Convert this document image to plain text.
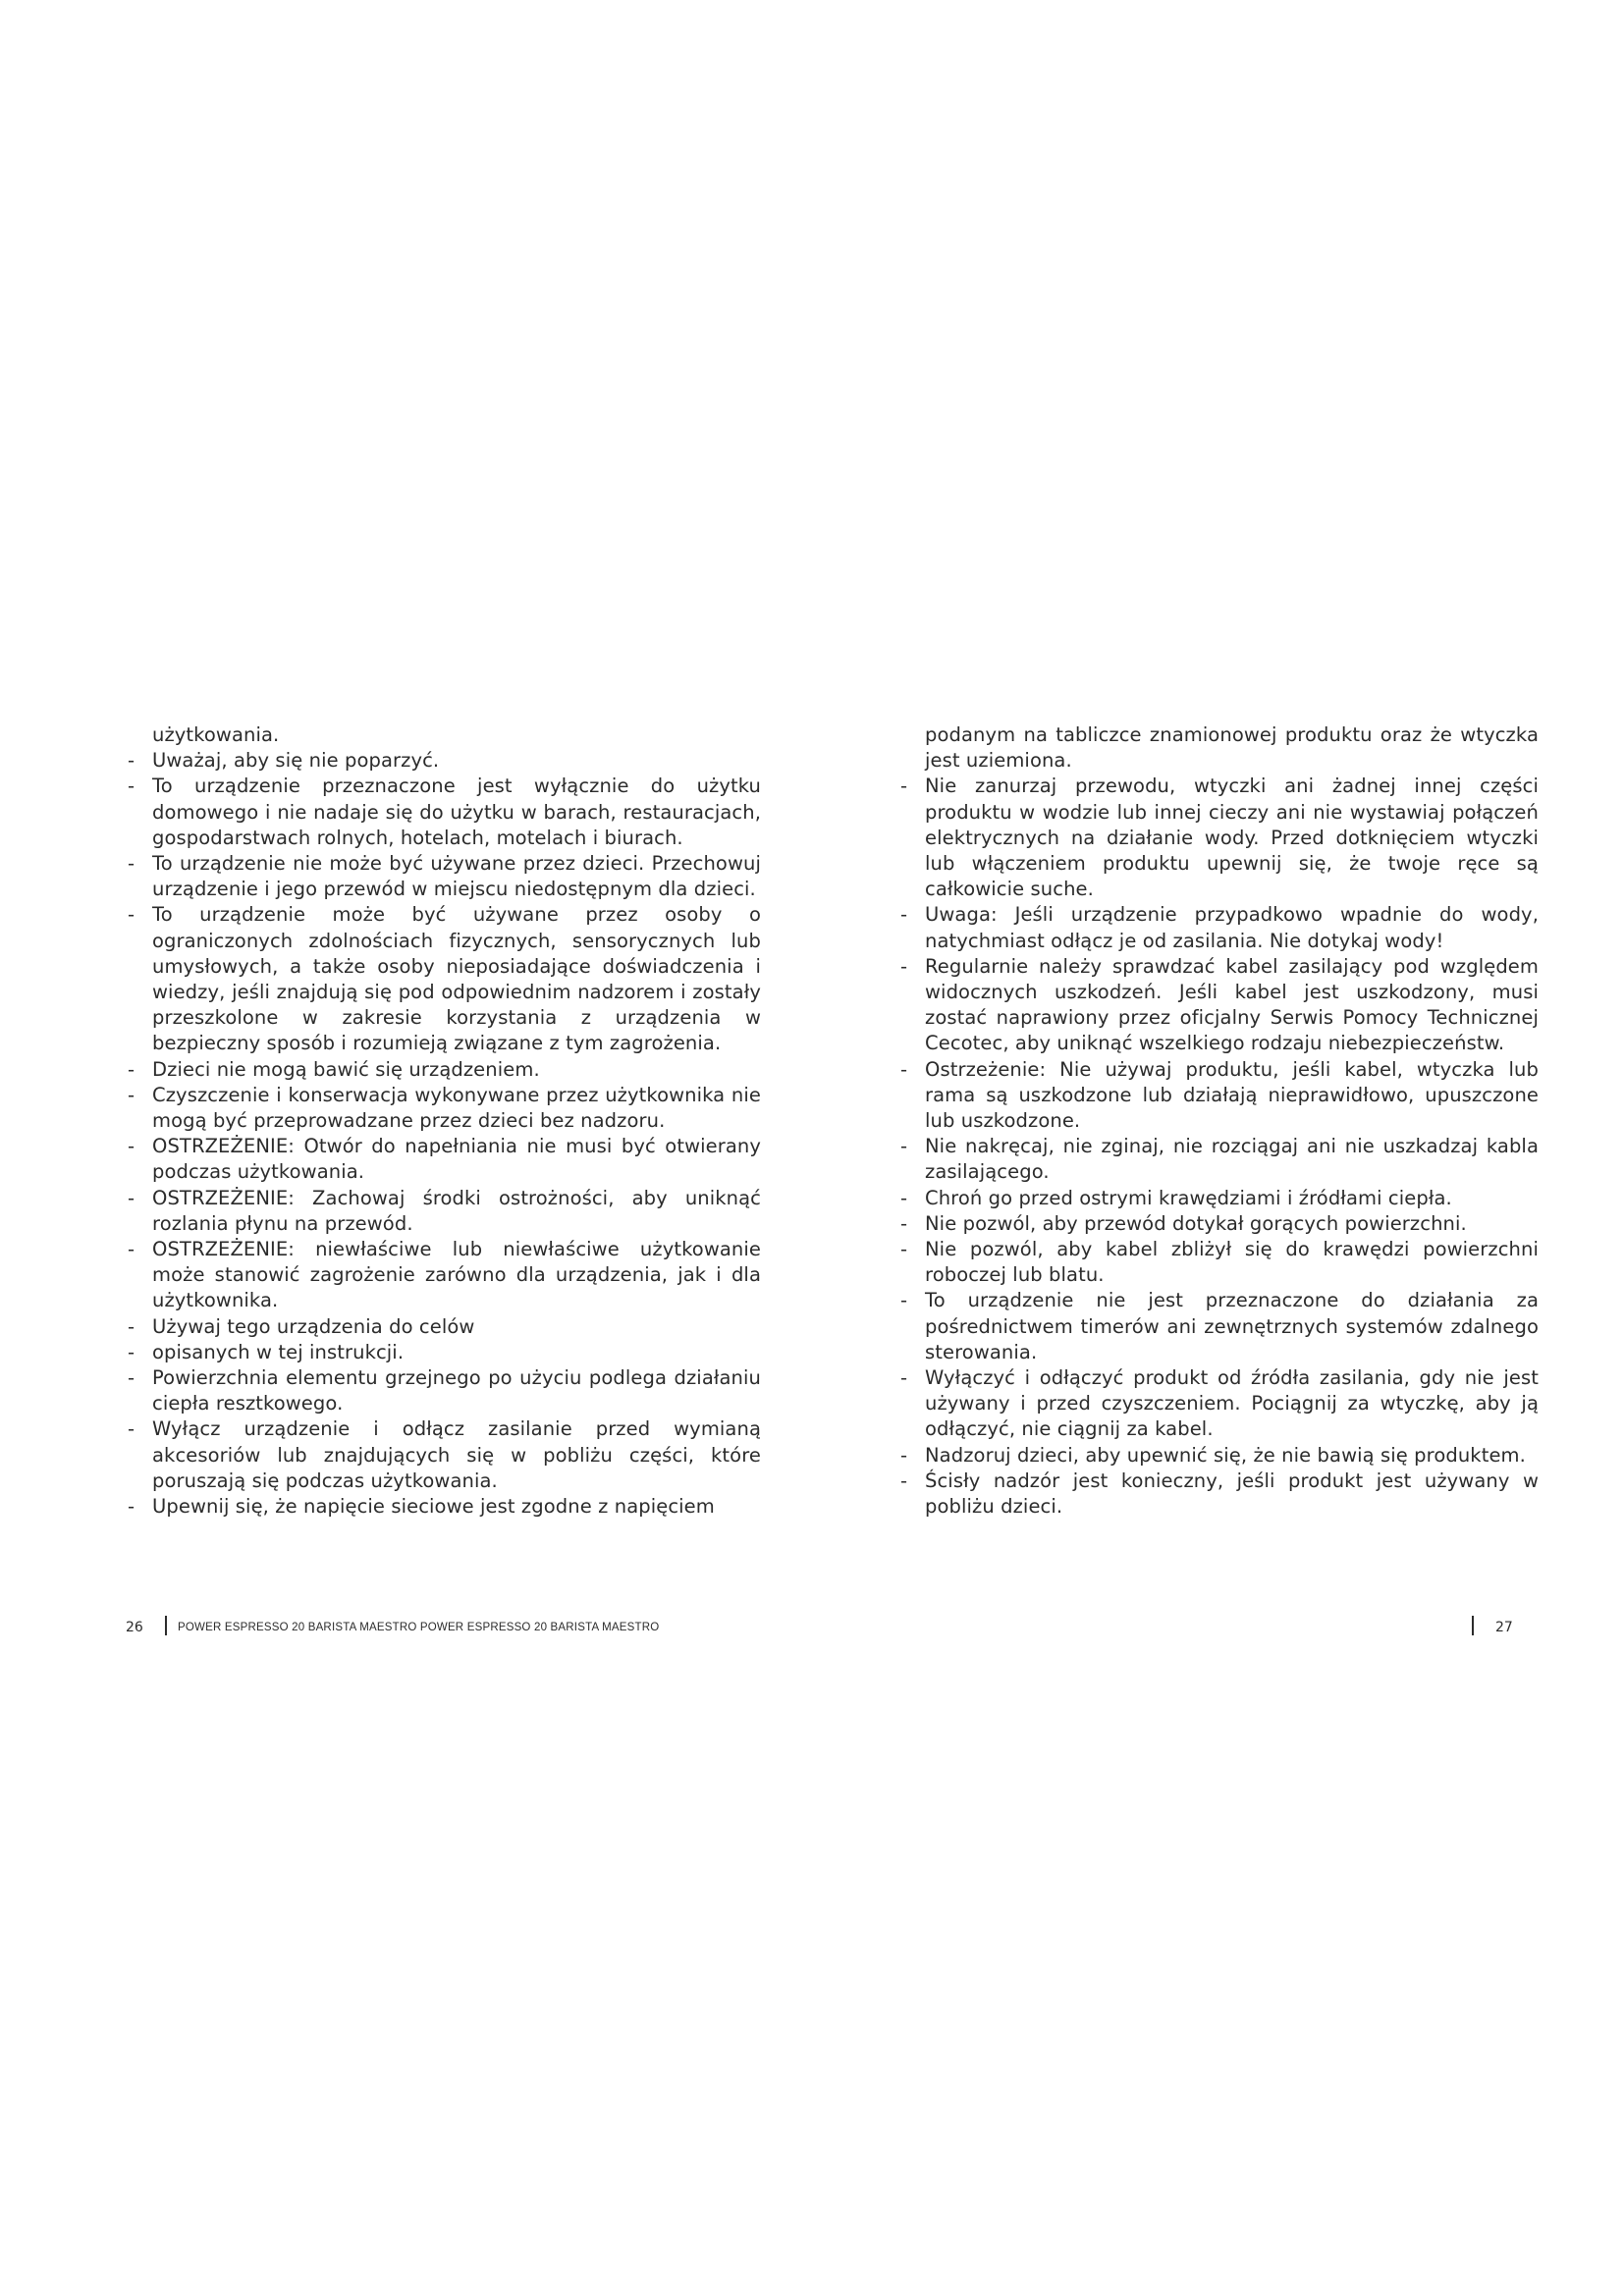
użytkowania.
- Uważaj, aby się nie poparzyć.
- To urządzenie przeznaczone jest wyłącznie do użytku domowego i nie nadaje się do użytku w barach, restauracjach, gospodarstwach rolnych, hotelach, motelach i biurach.
- To urządzenie nie może być używane przez dzieci. Przechowuj urządzenie i jego przewód w miejscu niedostępnym dla dzieci.
- To urządzenie może być używane przez osoby o ograniczonych zdolnościach fizycznych, sensorycznych lub umysłowych, a także osoby nieposiadające doświadczenia i wiedzy, jeśli znajdują się pod odpowiednim nadzorem i zostały przeszkolone w zakresie korzystania z urządzenia w bezpieczny sposób i rozumieją związane z tym zagrożenia.
- Dzieci nie mogą bawić się urządzeniem.
- Czyszczenie i konserwacja wykonywane przez użytkownika nie mogą być przeprowadzane przez dzieci bez nadzoru.
- OSTRZEŻENIE: Otwór do napełniania nie musi być otwierany podczas użytkowania.
- OSTRZEŻENIE: Zachowaj środki ostrożności, aby uniknąć rozlania płynu na przewód.
- OSTRZEŻENIE: niewłaściwe lub niewłaściwe użytkowanie może stanowić zagrożenie zarówno dla urządzenia, jak i dla użytkownika.
- Używaj tego urządzenia do celów
- opisanych w tej instrukcji.
- Powierzchnia elementu grzejnego po użyciu podlega działaniu ciepła resztkowego.
- Wyłącz urządzenie i odłącz zasilanie przed wymianą akcesoriów lub znajdujących się w pobliżu części, które poruszają się podczas użytkowania.
- Upewnij się, że napięcie sieciowe jest zgodne z napięciem
podanym na tabliczce znamionowej produktu oraz że wtyczka jest uziemiona.
- Nie zanurzaj przewodu, wtyczki ani żadnej innej części produktu w wodzie lub innej cieczy ani nie wystawiaj połączeń elektrycznych na działanie wody. Przed dotknięciem wtyczki lub włączeniem produktu upewnij się, że twoje ręce są całkowicie suche.
- Uwaga: Jeśli urządzenie przypadkowo wpadnie do wody, natychmiast odłącz je od zasilania. Nie dotykaj wody!
- Regularnie należy sprawdzać kabel zasilający pod względem widocznych uszkodzeń. Jeśli kabel jest uszkodzony, musi zostać naprawiony przez oficjalny Serwis Pomocy Technicznej Cecotec, aby uniknąć wszelkiego rodzaju niebezpieczeństw.
- Ostrzeżenie: Nie używaj produktu, jeśli kabel, wtyczka lub rama są uszkodzone lub działają nieprawidłowo, upuszczone lub uszkodzone.
- Nie nakręcaj, nie zginaj, nie rozciągaj ani nie uszkadzaj kabla zasilającego.
- Chroń go przed ostrymi krawędziami i źródłami ciepła.
- Nie pozwól, aby przewód dotykał gorących powierzchni.
- Nie pozwól, aby kabel zbliżył się do krawędzi powierzchni roboczej lub blatu.
- To urządzenie nie jest przeznaczone do działania za pośrednictwem timerów ani zewnętrznych systemów zdalnego sterowania.
- Wyłączyć i odłączyć produkt od źródła zasilania, gdy nie jest używany i przed czyszczeniem. Pociągnij za wtyczkę, aby ją odłączyć, nie ciągnij za kabel.
- Nadzoruj dzieci, aby upewnić się, że nie bawią się produktem.
- Ścisły nadzór jest konieczny, jeśli produkt jest używany w pobliżu dzieci.
26	POWER ESPRESSO 20 BARISTA MAESTRO POWER ESPRESSO 20 BARISTA MAESTRO	27
